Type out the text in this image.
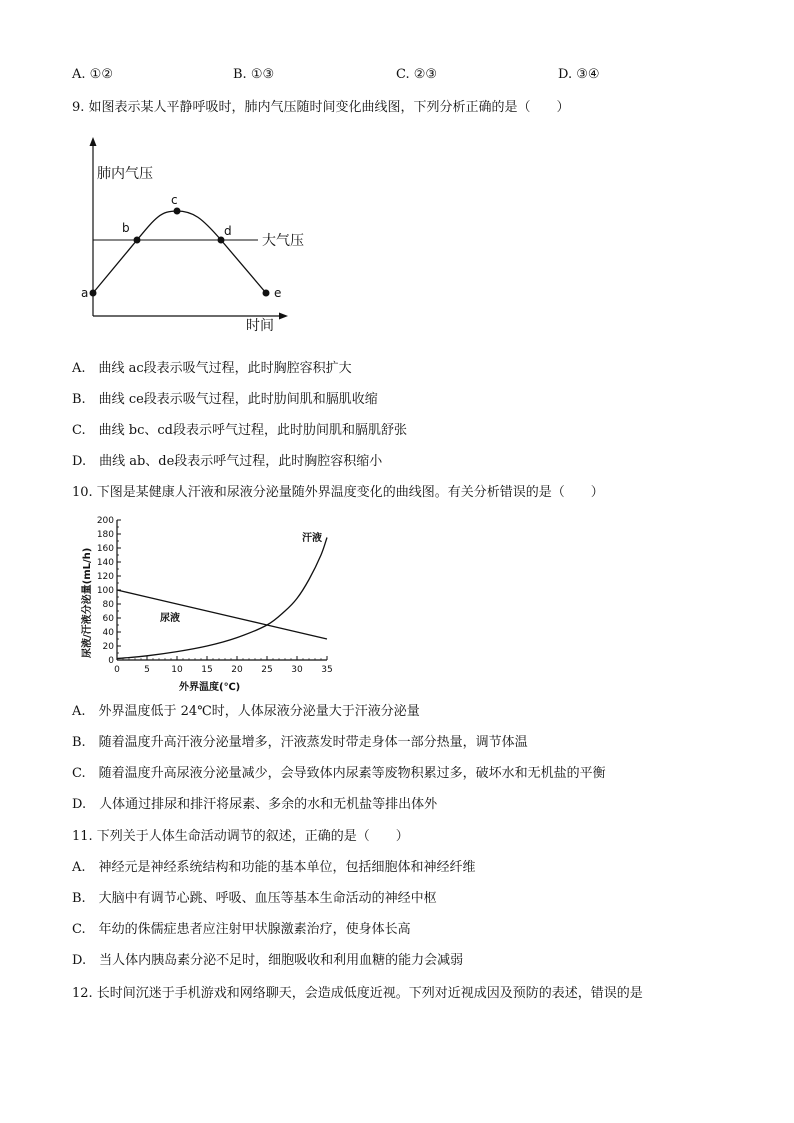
A. ①②	B. ①③	C. ②③	D. ③④
9. 如图表示某人平静呼吸时，肺内气压随时间变化曲线图，下列分析正确的是（　　）
a
b
c
d
e
肺内气压
大气压
时间
A.　曲线 ac段表示吸气过程，此时胸腔容积扩大
B.　曲线 ce段表示吸气过程，此时肋间肌和膈肌收缩
C.　曲线 bc、cd段表示呼气过程，此时肋间肌和膈肌舒张
D.　曲线 ab、de段表示呼气过程，此时胸腔容积缩小
10. 下图是某健康人汗液和尿液分泌量随外界温度变化的曲线图。有关分析错误的是（　　）
0
20
40
60
80
100
120
140
160
180
200
0	5 10 15 20 25 30 35
汗液
尿液
外界温度(℃)
尿液/汗液分泌量(mL/h)
A.　外界温度低于 24℃时，人体尿液分泌量大于汗液分泌量
B.　随着温度升高汗液分泌量增多，汗液蒸发时带走身体一部分热量，调节体温
C.　随着温度升高尿液分泌量减少，会导致体内尿素等废物积累过多，破坏水和无机盐的平衡
D.　人体通过排尿和排汗将尿素、多余的水和无机盐等排出体外
11. 下列关于人体生命活动调节的叙述，正确的是（　　）
A.　神经元是神经系统结构和功能的基本单位，包括细胞体和神经纤维
B.　大脑中有调节心跳、呼吸、血压等基本生命活动的神经中枢
C.　年幼的侏儒症患者应注射甲状腺激素治疗，使身体长高
D.　当人体内胰岛素分泌不足时，细胞吸收和利用血糖的能力会减弱
12. 长时间沉迷于手机游戏和网络聊天，会造成低度近视。下列对近视成因及预防的表述，错误的是
